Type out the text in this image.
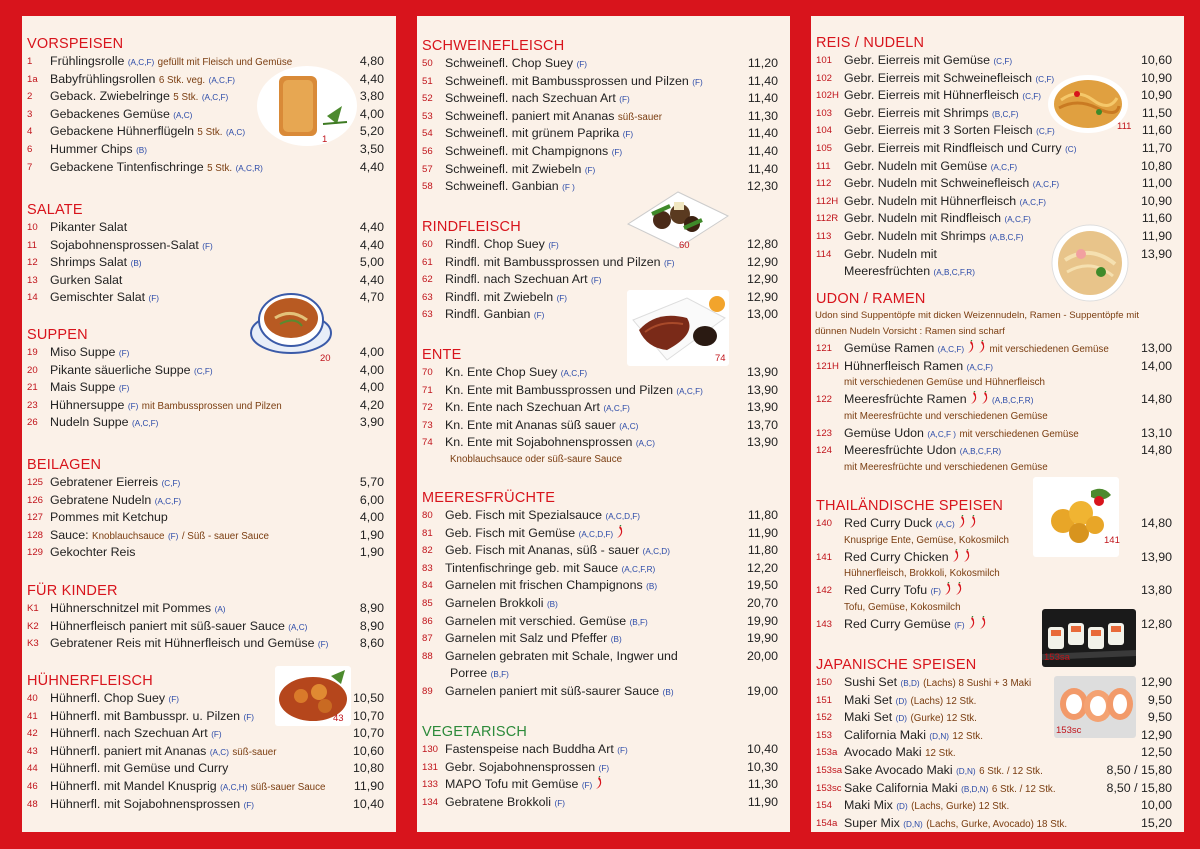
VORSPEISEN
1 Frühlingsrolle (A,C,F) gefüllt mit Fleisch und Gemüse	4,80
1a Babyfrühlingsrollen 6 Stk. veg. (A,C,F)	4,40
2 Geback. Zwiebelringe 5 Stk. (A,C,F)	3,80
3 Gebackenes Gemüse (A,C)	4,00
4 Gebackene Hühnerflügeln 5 Stk. (A,C)	5,20
6 Hummer Chips (B)	3,50
7 Gebackene Tintenfischringe 5 Stk. (A,C,R)	4,40
SALATE
10 Pikanter Salat	4,40
11 Sojabohnensprossen-Salat (F)	4,40
12 Shrimps Salat (B)	5,00
13 Gurken Salat	4,40
14 Gemischter Salat (F)	4,70
SUPPEN
19 Miso Suppe (F)	4,00
20 Pikante säuerliche Suppe (C,F)	4,00
21 Mais Suppe (F)	4,00
23 Hühnersuppe (F) mit Bambussprossen und Pilzen	4,20
26 Nudeln Suppe (A,C,F)	3,90
BEILAGEN
125 Gebratener Eierreis (C,F)	5,70
126 Gebratene Nudeln (A,C,F)	6,00
127 Pommes mit Ketchup	4,00
128 Sauce: Knoblauchsauce (F) / Süß - sauer Sauce	1,90
129 Gekochter Reis	1,90
FÜR KINDER
K1 Hühnerschnitzel mit Pommes (A)	8,90
K2 Hühnerfleisch paniert mit süß-sauer Sauce (A,C)	8,90
K3 Gebratener Reis mit Hühnerfleisch und Gemüse (F)	8,60
HÜHNERFLEISCH
40 Hühnerfl. Chop Suey (F)	10,50
41 Hühnerfl. mit Bambusspr. u. Pilzen (F)	10,70
42 Hühnerfl. nach Szechuan Art (F)	10,70
43 Hühnerfl. paniert mit Ananas (A,C) süß-sauer	10,60
44 Hühnerfl. mit Gemüse und Curry	10,80
46 Hühnerfl. mit Mandel Knusprig (A,C,H) süß-sauer Sauce 11,90
48 Hühnerfl. mit Sojabohnensprossen (F)	10,40
1
20
43
SCHWEINEFLEISCH
50 Schweinefl. Chop Suey (F)	11,20
51 Schweinefl. mit Bambussprossen und Pilzen (F)	11,40
52 Schweinefl. nach Szechuan Art (F)	11,40
53 Schweinefl. paniert mit Ananas süß-sauer	11,30
54 Schweinefl. mit grünem Paprika (F)	11,40
56 Schweinefl. mit Champignons (F)	11,40
57 Schweinefl. mit Zwiebeln (F)	11,40
58 Schweinefl. Ganbian (F )	12,30
RINDFLEISCH
60 Rindfl. Chop Suey (F)	12,80
61 Rindfl. mit Bambussprossen und Pilzen (F)	12,90
62 Rindfl. nach Szechuan Art (F)	12,90
63 Rindfl. mit Zwiebeln (F)	12,90
63 Rindfl. Ganbian (F)	13,00
ENTE
70 Kn. Ente Chop Suey (A,C,F)	13,90
71 Kn. Ente mit Bambussprossen und Pilzen (A,C,F)	13,90
72 Kn. Ente nach Szechuan Art (A,C,F)	13,90
73 Kn. Ente mit Ananas süß sauer (A,C)	13,70
74 Kn. Ente mit Sojabohnensprossen (A,C)	13,90
Knoblauchsauce oder süß-saure Sauce
MEERESFRÜCHTE
80 Geb. Fisch mit Spezialsauce (A,C,D,F)	11,80
81 Geb. Fisch mit Gemüse (A,C,D,F)	11,90
82 Geb. Fisch mit Ananas, süß - sauer (A,C,D)	11,80
83 Tintenfischringe geb. mit Sauce (A,C,F,R)	12,20
84 Garnelen mit frischen Champignons (B)	19,50
85 Garnelen Brokkoli (B)	20,70
86 Garnelen mit verschied. Gemüse (B,F)	19,90
87 Garnelen mit Salz und Pfeffer (B)	19,90
88 Garnelen gebraten mit Schale, Ingwer und	20,00
Porree (B,F)
89 Garnelen paniert mit süß-saurer Sauce (B)	19,00
VEGETARISCH
130 Fastenspeise nach Buddha Art (F)	10,40
131 Gebr. Sojabohnensprossen (F)	10,30
133 MAPO Tofu mit Gemüse (F)	11,30
134 Gebratene Brokkoli (F)	11,90
60
74
REIS / NUDELN
101 Gebr. Eierreis mit Gemüse (C,F)	10,60
102 Gebr. Eierreis mit Schweinefleisch (C,F)	10,90
102H Gebr. Eierreis mit Hühnerfleisch (C,F)	10,90
103 Gebr. Eierreis mit Shrimps (B,C,F)	11,50
104 Gebr. Eierreis mit 3 Sorten Fleisch (C,F)	11,60
105 Gebr. Eierreis mit Rindfleisch und Curry (C)	11,70
111 Gebr. Nudeln mit Gemüse (A,C,F)	10,80
112 Gebr. Nudeln mit Schweinefleisch (A,C,F)	11,00
112H Gebr. Nudeln mit Hühnerfleisch (A,C,F)	10,90
112R Gebr. Nudeln mit Rindfleisch (A,C,F)	11,60
113 Gebr. Nudeln mit Shrimps (A,B,C,F)	11,90
114 Gebr. Nudeln mit	13,90
Meeresfrüchten (A,B,C,F,R)
UDON / RAMEN
Udon sind Suppentöpfe mit dicken Weizennudeln, Ramen - Suppentöpfe mit
dünnen Nudeln Vorsicht : Ramen sind scharf
121 Gemüse Ramen (A,C,F)	mit verschiedenen Gemüse	13,00
121H Hühnerfleisch Ramen (A,C,F)	14,00
mit verschiedenen Gemüse und Hühnerfleisch
122 Meeresfrüchte Ramen	(A,B,C,F,R)	14,80
mit Meeresfrüchte und verschiedenen Gemüse
123 Gemüse Udon (A,C,F ) mit verschiedenen Gemüse	13,10
124 Meeresfrüchte Udon (A,B,C,F,R)	14,80
mit Meeresfrüchte und verschiedenen Gemüse
THAILÄNDISCHE SPEISEN
140 Red Curry Duck (A,C)	14,80
Knusprige Ente, Gemüse, Kokosmilch
141 Red Curry Chicken	13,90
Hühnerfleisch, Brokkoli, Kokosmilch
142 Red Curry Tofu (F)	13,80
Tofu, Gemüse, Kokosmilch
143 Red Curry Gemüse (F)	12,80
JAPANISCHE SPEISEN
150 Sushi Set (B,D) (Lachs) 8 Sushi + 3 Maki	12,90
151 Maki Set (D) (Lachs) 12 Stk.	9,50
152 Maki Set (D) (Gurke) 12 Stk.	9,50
153 California Maki (D,N) 12 Stk.	12,90
153a Avocado Maki 12 Stk.	12,50
153sa Sake Avocado Maki (D,N) 6 Stk. / 12 Stk.	8,50 / 15,80
153sc Sake California Maki (B,D,N) 6 Stk. / 12 Stk.	8,50 / 15,80
154 Maki Mix (D) (Lachs, Gurke) 12 Stk.	10,00
154a Super Mix (D,N) (Lachs, Gurke, Avocado) 18 Stk.	15,20
111
141
153sa
153sc
